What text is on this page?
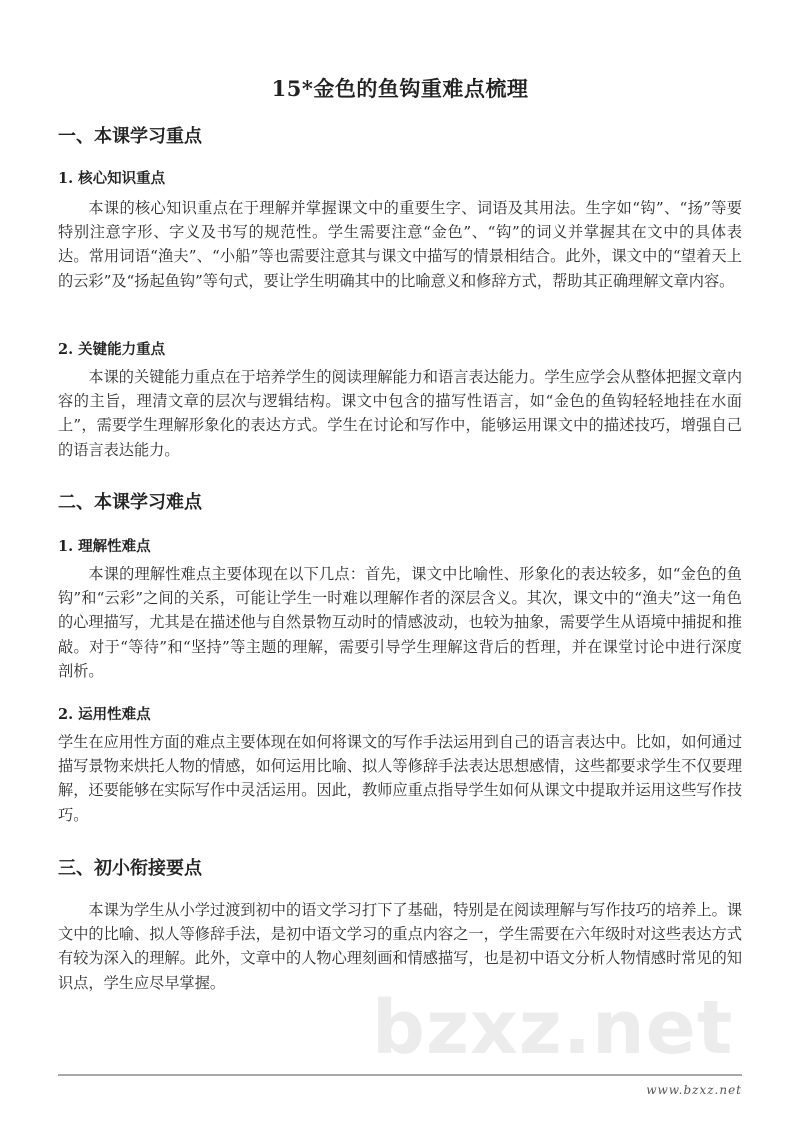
bzxz.net
15*金色的鱼钩重难点梳理
一、本课学习重点
1. 核心知识重点

本课的核心知识重点在于理解并掌握课文中的重要生字、词语及其用法。生字如“钩”、“扬”等要特别注意字形、字义及书写的规范性。学生需要注意“金色”、“钩”的词义并掌握其在文中的具体表达。常用词语“渔夫”、“小船”等也需要注意其与课文中描写的情景相结合。此外，课文中的“望着天上的云彩”及“扬起鱼钩”等句式，要让学生明确其中的比喻意义和修辞方式，帮助其正确理解文章内容。

2. 关键能力重点

本课的关键能力重点在于培养学生的阅读理解能力和语言表达能力。学生应学会从整体把握文章内容的主旨，理清文章的层次与逻辑结构。课文中包含的描写性语言，如“金色的鱼钩轻轻地挂在水面上”，需要学生理解形象化的表达方式。学生在讨论和写作中，能够运用课文中的描述技巧，增强自己的语言表达能力。

二、本课学习难点
1. 理解性难点

本课的理解性难点主要体现在以下几点：首先，课文中比喻性、形象化的表达较多，如“金色的鱼钩”和“云彩”之间的关系，可能让学生一时难以理解作者的深层含义。其次，课文中的“渔夫”这一角色的心理描写，尤其是在描述他与自然景物互动时的情感波动，也较为抽象，需要学生从语境中捕捉和推敲。对于“等待”和“坚持”等主题的理解，需要引导学生理解这背后的哲理，并在课堂讨论中进行深度剖析。

2. 运用性难点

学生在应用性方面的难点主要体现在如何将课文的写作手法运用到自己的语言表达中。比如，如何通过描写景物来烘托人物的情感，如何运用比喻、拟人等修辞手法表达思想感情，这些都要求学生不仅要理解，还要能够在实际写作中灵活运用。因此，教师应重点指导学生如何从课文中提取并运用这些写作技巧。

三、初小衔接要点

本课为学生从小学过渡到初中的语文学习打下了基础，特别是在阅读理解与写作技巧的培养上。课文中的比喻、拟人等修辞手法，是初中语文学习的重点内容之一，学生需要在六年级时对这些表达方式有较为深入的理解。此外，文章中的人物心理刻画和情感描写，也是初中语文分析人物情感时常见的知识点，学生应尽早掌握。

www.bzxz.net
